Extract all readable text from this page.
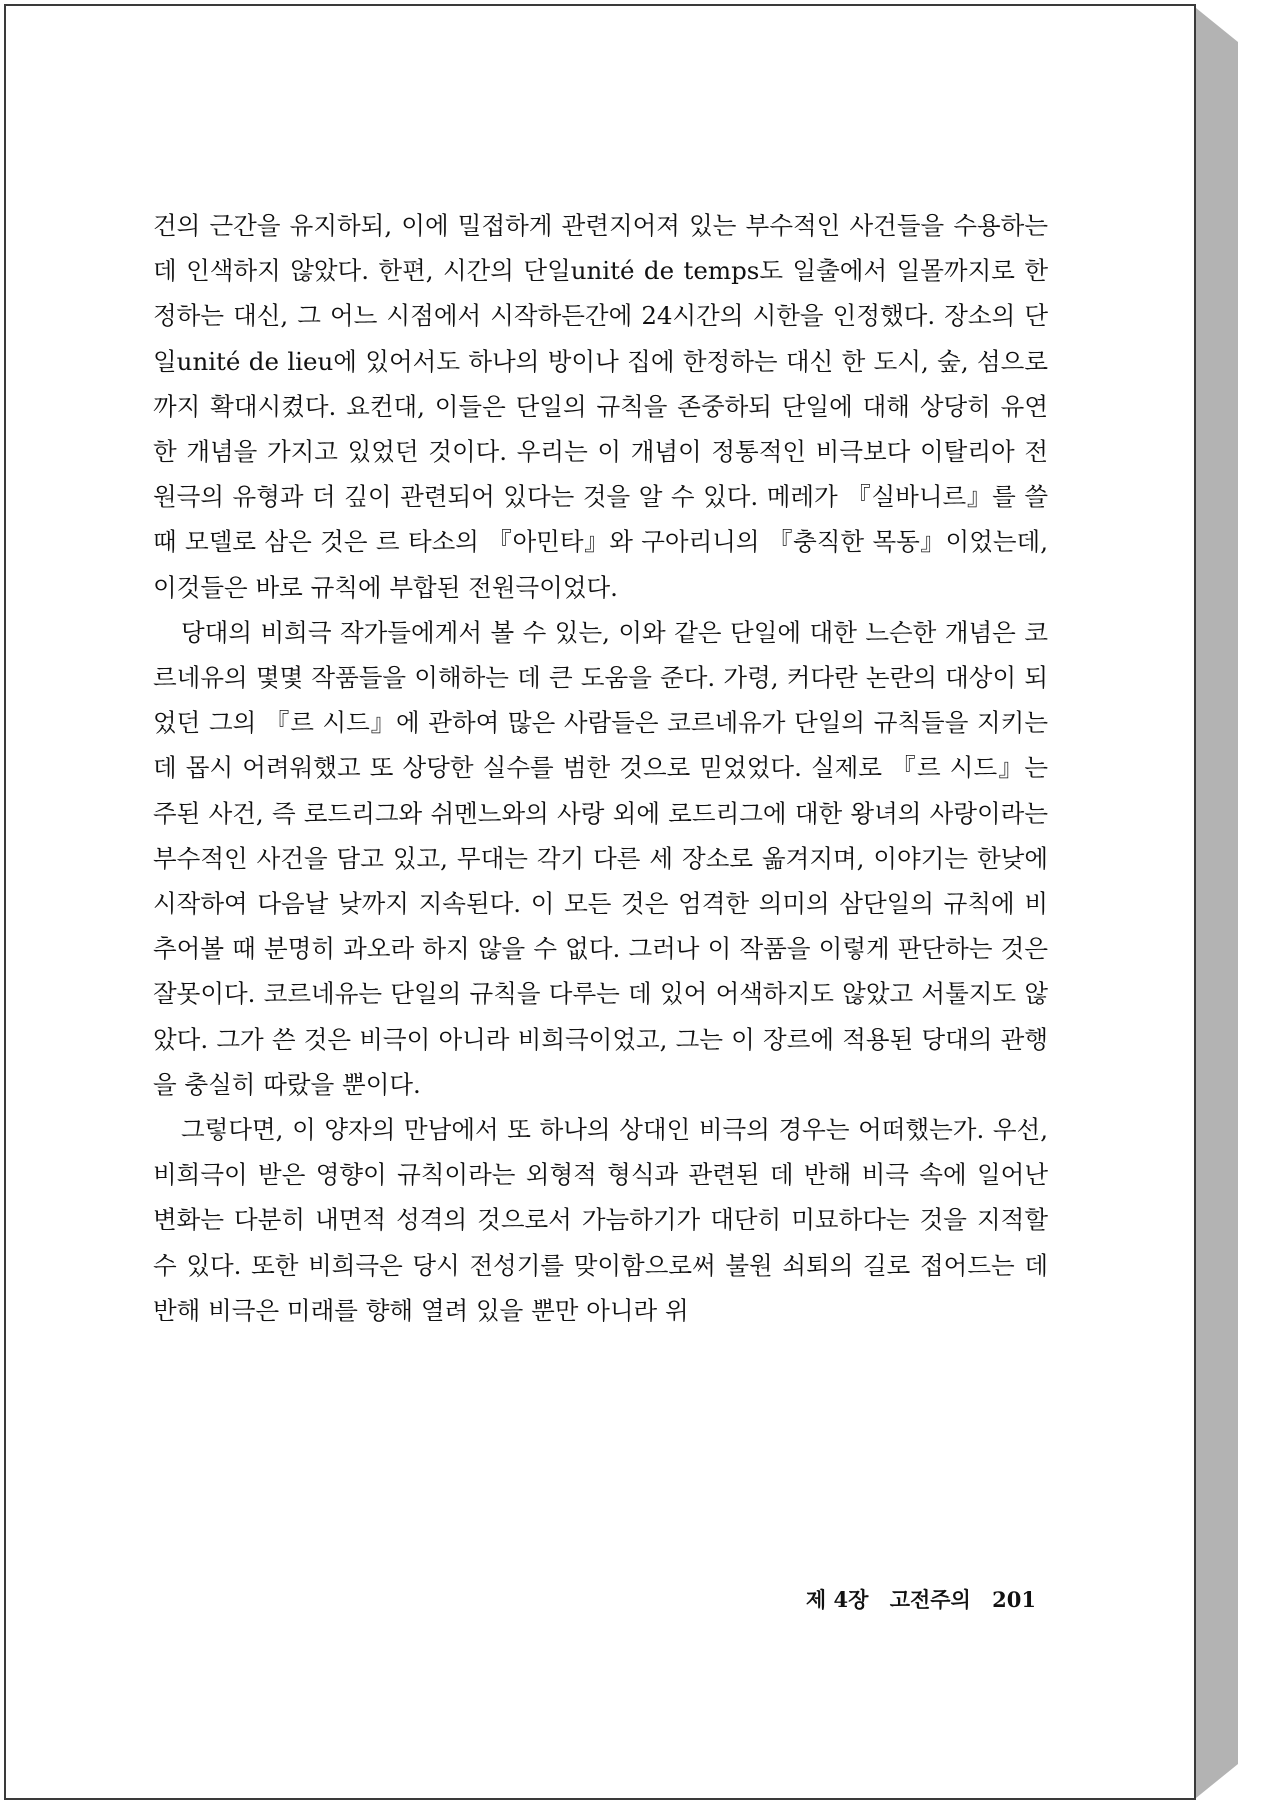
건의 근간을 유지하되, 이에 밀접하게 관련지어져 있는 부수적인 사건들을 수용하는 데 인색하지 않았다. 한편, 시간의 단일unité de temps도 일출에서 일몰까지로 한정하는 대신, 그 어느 시점에서 시작하든간에 24시간의 시한을 인정했다. 장소의 단일unité de lieu에 있어서도 하나의 방이나 집에 한정하는 대신 한 도시, 숲, 섬으로까지 확대시켰다. 요컨대, 이들은 단일의 규칙을 존중하되 단일에 대해 상당히 유연한 개념을 가지고 있었던 것이다. 우리는 이 개념이 정통적인 비극보다 이탈리아 전원극의 유형과 더 깊이 관련되어 있다는 것을 알 수 있다. 메레가 『실바니르』를 쓸 때 모델로 삼은 것은 르 타소의 『아민타』와 구아리니의 『충직한 목동』이었는데, 이것들은 바로 규칙에 부합된 전원극이었다.

당대의 비희극 작가들에게서 볼 수 있는, 이와 같은 단일에 대한 느슨한 개념은 코르네유의 몇몇 작품들을 이해하는 데 큰 도움을 준다. 가령, 커다란 논란의 대상이 되었던 그의 『르 시드』에 관하여 많은 사람들은 코르네유가 단일의 규칙들을 지키는 데 몹시 어려워했고 또 상당한 실수를 범한 것으로 믿었었다. 실제로 『르 시드』는 주된 사건, 즉 로드리그와 쉬멘느와의 사랑 외에 로드리그에 대한 왕녀의 사랑이라는 부수적인 사건을 담고 있고, 무대는 각기 다른 세 장소로 옮겨지며, 이야기는 한낮에 시작하여 다음날 낮까지 지속된다. 이 모든 것은 엄격한 의미의 삼단일의 규칙에 비추어볼 때 분명히 과오라 하지 않을 수 없다. 그러나 이 작품을 이렇게 판단하는 것은 잘못이다. 코르네유는 단일의 규칙을 다루는 데 있어 어색하지도 않았고 서툴지도 않았다. 그가 쓴 것은 비극이 아니라 비희극이었고, 그는 이 장르에 적용된 당대의 관행을 충실히 따랐을 뿐이다.

그렇다면, 이 양자의 만남에서 또 하나의 상대인 비극의 경우는 어떠했는가. 우선, 비희극이 받은 영향이 규칙이라는 외형적 형식과 관련된 데 반해 비극 속에 일어난 변화는 다분히 내면적 성격의 것으로서 가늠하기가 대단히 미묘하다는 것을 지적할 수 있다. 또한 비희극은 당시 전성기를 맞이함으로써 불원 쇠퇴의 길로 접어드는 데 반해 비극은 미래를 향해 열려 있을 뿐만 아니라 위

제 4장 고전주의 201
